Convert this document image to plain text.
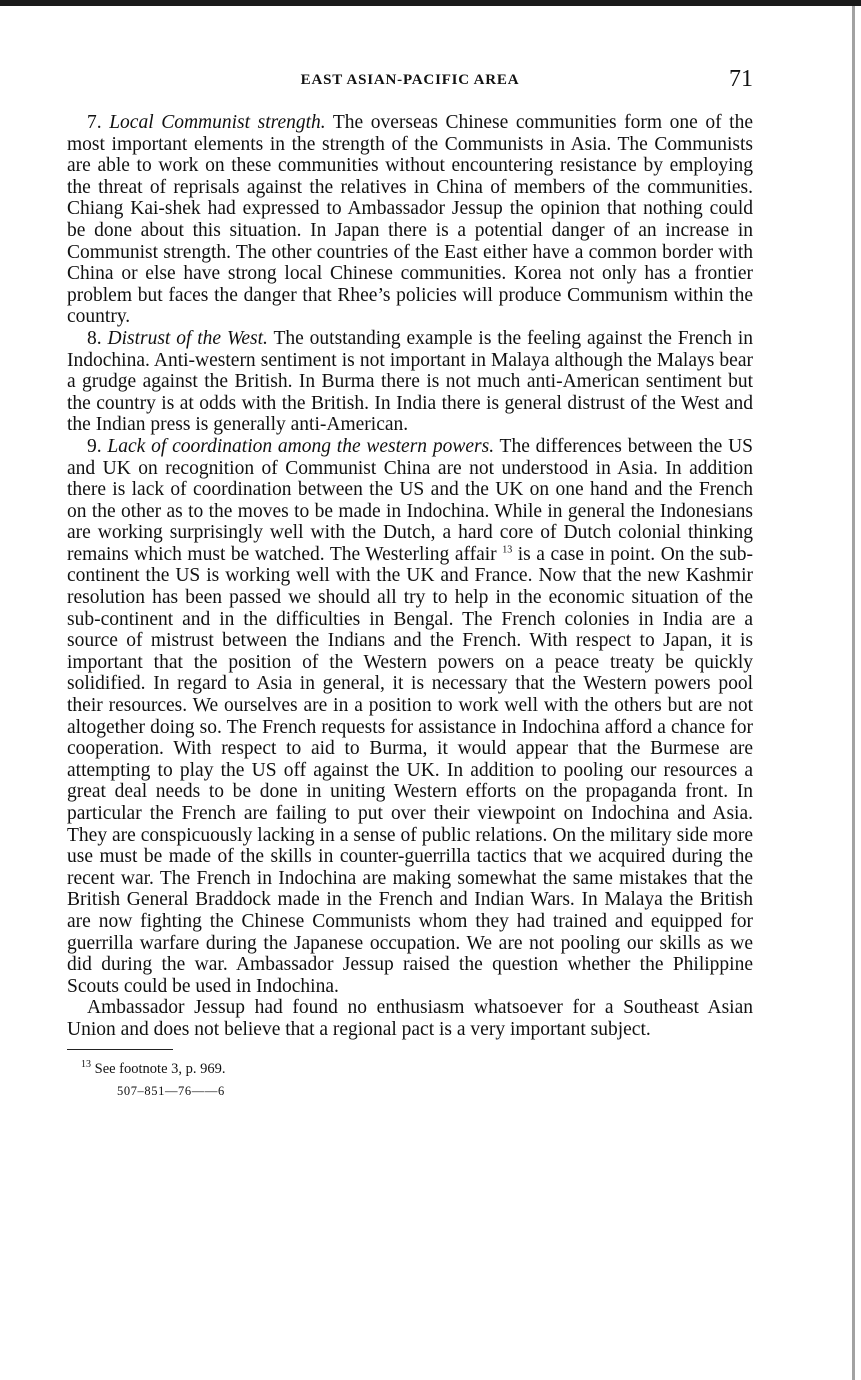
EAST ASIAN-PACIFIC AREA	71

7. Local Communist strength. The overseas Chinese communities form one of the most important elements in the strength of the Communists in Asia. The Communists are able to work on these communities without encountering resistance by employing the threat of reprisals against the relatives in China of members of the communities. Chiang Kai-shek had expressed to Ambassador Jessup the opinion that nothing could be done about this situation. In Japan there is a potential danger of an increase in Communist strength. The other countries of the East either have a common border with China or else have strong local Chinese communities. Korea not only has a frontier problem but faces the danger that Rhee’s policies will produce Communism within the country.

8. Distrust of the West. The outstanding example is the feeling against the French in Indochina. Anti-western sentiment is not important in Malaya although the Malays bear a grudge against the British. In Burma there is not much anti-American sentiment but the country is at odds with the British. In India there is general distrust of the West and the Indian press is generally anti-American.

9. Lack of coordination among the western powers. The differences between the US and UK on recognition of Communist China are not understood in Asia. In addition there is lack of coordination between the US and the UK on one hand and the French on the other as to the moves to be made in Indochina. While in general the Indonesians are working surprisingly well with the Dutch, a hard core of Dutch colonial thinking remains which must be watched. The Westerling affair $^{13}$ is a case in point. On the sub-continent the US is working well with the UK and France. Now that the new Kashmir resolution has been passed we should all try to help in the economic situation of the sub-continent and in the difficulties in Bengal. The French colonies in India are a source of mistrust between the Indians and the French. With respect to Japan, it is important that the position of the Western powers on a peace treaty be quickly solidified. In regard to Asia in general, it is necessary that the Western powers pool their resources. We ourselves are in a position to work well with the others but are not altogether doing so. The French requests for assistance in Indochina afford a chance for cooperation. With respect to aid to Burma, it would appear that the Burmese are attempting to play the US off against the UK. In addition to pooling our resources a great deal needs to be done in uniting Western efforts on the propaganda front. In particular the French are failing to put over their viewpoint on Indochina and Asia. They are conspicuously lacking in a sense of public relations. On the military side more use must be made of the skills in counter-guerrilla tactics that we acquired during the recent war. The French in Indochina are making somewhat the same mistakes that the British General Braddock made in the French and Indian Wars. In Malaya the British are now fighting the Chinese Communists whom they had trained and equipped for guerrilla warfare during the Japanese occupation. We are not pooling our skills as we did during the war. Ambassador Jessup raised the question whether the Philippine Scouts could be used in Indochina.

Ambassador Jessup had found no enthusiasm whatsoever for a Southeast Asian Union and does not believe that a regional pact is a very important subject.

$^{13}$ See footnote 3, p. 969.
507–851—76——6
